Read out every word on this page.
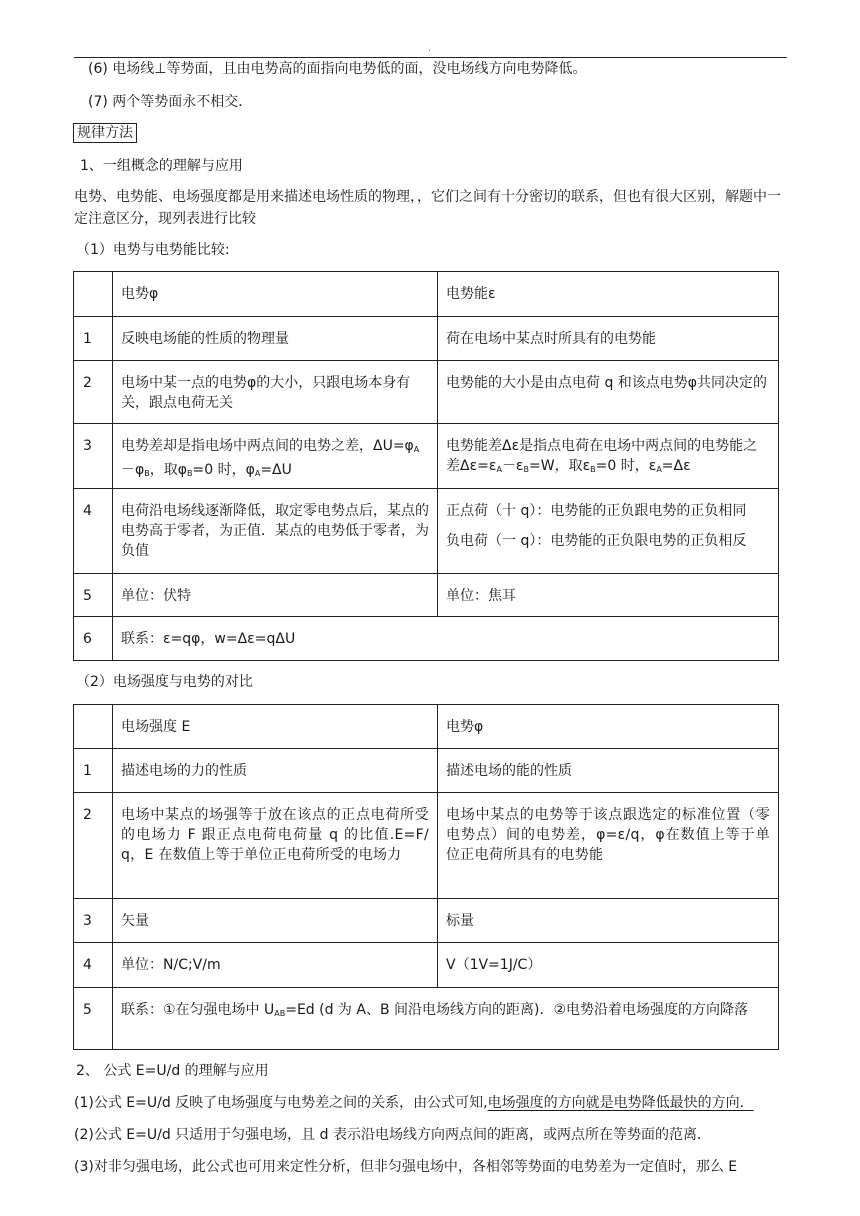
.
(6) 电场线⊥等势面，且由电势高的面指向电势低的面，没电场线方向电势降低。
(7) 两个等势面永不相交．
规律方法
1、一组概念的理解与应用
电势、电势能、电场强度都是用来描述电场性质的物理，，它们之间有十分密切的联系，但也有很大区别，解题中一定注意区分，现列表进行比较
（1）电势与电势能比较:
	电势φ	电势能ε
1	反映电场能的性质的物理量	荷在电场中某点时所具有的电势能
2	电场中某一点的电势φ的大小，只跟电场本身有关，跟点电荷无关	电势能的大小是由点电荷 q 和该点电势φ共同决定的
3	电势差却是指电场中两点间的电势之差，$\Delta U=\varphi_A-\varphi_B$，取$\varphi_B=0$ 时，$\varphi_A=\Delta U$	电势能差Δε是指点电荷在电场中两点间的电势能之差$\Delta\varepsilon=\varepsilon_A-\varepsilon_B=W$，取$\varepsilon_B=0$ 时，$\varepsilon_A=\Delta\varepsilon$
4	电荷沿电场线逐渐降低，取定零电势点后，某点的电势高于零者，为正值．某点的电势低于零者，为负值	正点荷（十 q）：电势能的正负跟电势的正负相同
负电荷（一 q）：电势能的正负限电势的正负相反

5	单位：伏特	单位：焦耳
6	联系：ε=qφ，w=Δε=qΔU	
（2）电场强度与电势的对比
	电场强度 E	电势φ
1	描述电场的力的性质	描述电场的能的性质
2	电场中某点的场强等于放在该点的正点电荷所受的电场力 F 跟正点电荷电荷量 q 的比值.E=F/q，E 在数值上等于单位正电荷所受的电场力	电场中某点的电势等于该点跟选定的标准位置（零电势点）间的电势差，φ=ε/q，φ在数值上等于单位正电荷所具有的电势能
3	矢量	标量
4	单位：N/C;V/m	V（1V=1J/C）
5	联系：①在匀强电场中 $U_{AB}=Ed$ (d 为 A、B 间沿电场线方向的距离)．②电势沿着电场强度的方向降落	
2、 公式 E=U/d 的理解与应用
(1)公式 E=U/d 反映了电场强度与电势差之间的关系，由公式可知,电场强度的方向就是电势降低最快的方向．
(2)公式 E=U/d 只适用于匀强电场，且 d 表示沿电场线方向两点间的距离，或两点所在等势面的范离．
(3)对非匀强电场，此公式也可用来定性分析，但非匀强电场中，各相邻等势面的电势差为一定值时，那么 E
